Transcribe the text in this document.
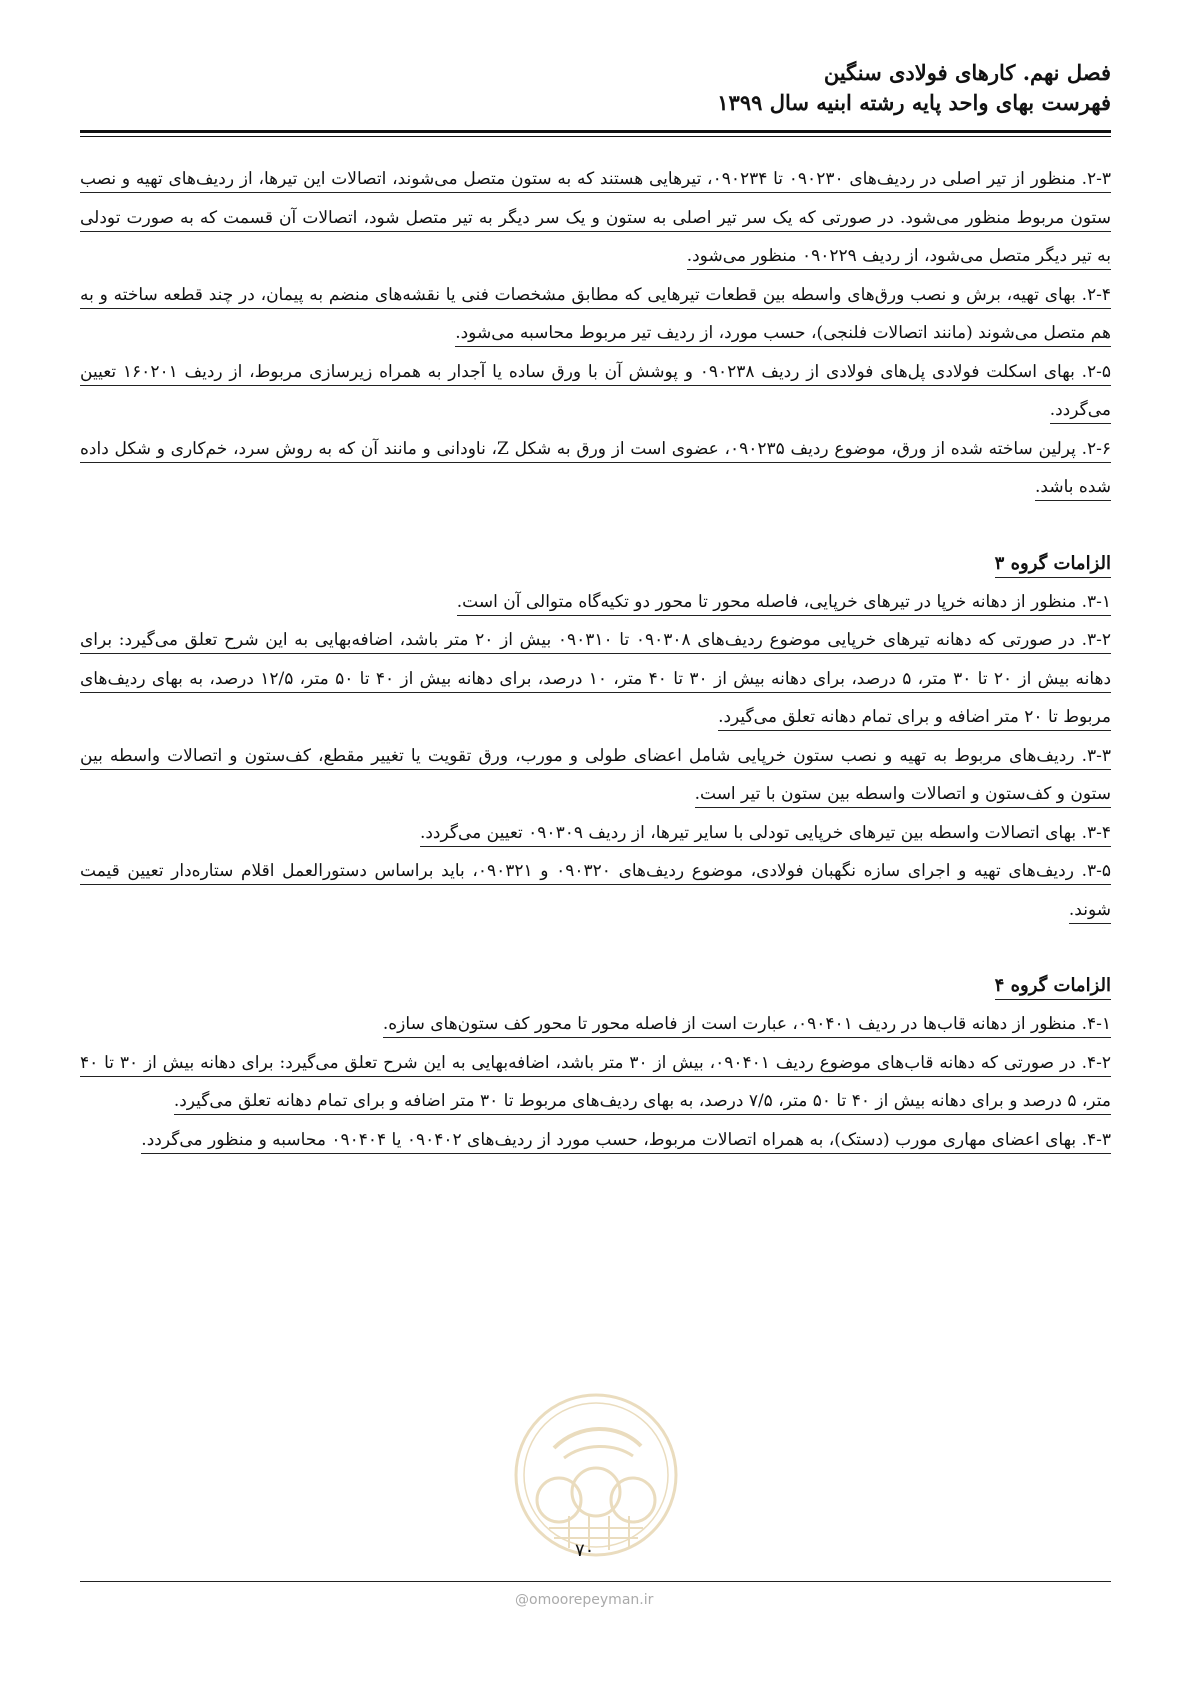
فصل نهم. کارهای فولادی سنگین
فهرست بهای واحد پایه رشته ابنیه سال ۱۳۹۹

۲-۳. منظور از تیر اصلی در ردیف‌های ۰۹۰۲۳۰ تا ۰۹۰۲۳۴، تیرهایی هستند که به ستون متصل می‌شوند، اتصالات این تیرها، از ردیف‌های تهیه و نصب ستون مربوط منظور می‌شود. در صورتی که یک سر تیر اصلی به ستون و یک سر دیگر به تیر متصل شود، اتصالات آن قسمت که به صورت تودلی به تیر دیگر متصل می‌شود، از ردیف ۰۹۰۲۲۹ منظور می‌شود.

۲-۴. بهای تهیه، برش و نصب ورق‌های واسطه بین قطعات تیرهایی که مطابق مشخصات فنی یا نقشه‌های منضم به پیمان، در چند قطعه ساخته و به هم متصل می‌شوند (مانند اتصالات فلنجی)، حسب مورد، از ردیف تیر مربوط محاسبه می‌شود.

۲-۵. بهای اسکلت فولادی پل‌های فولادی از ردیف ۰۹۰۲۳۸ و پوشش آن با ورق ساده یا آجدار به همراه زیرسازی مربوط، از ردیف ۱۶۰۲۰۱ تعیین می‌گردد.

۲-۶. پرلین ساخته شده از ورق، موضوع ردیف ۰۹۰۲۳۵، عضوی است از ورق به شکل Z، ناودانی و مانند آن که به روش سرد، خم‌کاری و شکل داده شده باشد.

الزامات گروه ۳

۳-۱. منظور از دهانه خرپا در تیرهای خرپایی، فاصله محور تا محور دو تکیه‌گاه متوالی آن است.

۳-۲. در صورتی که دهانه تیرهای خرپایی موضوع ردیف‌های ۰۹۰۳۰۸ تا ۰۹۰۳۱۰ بیش از ۲۰ متر باشد، اضافه‌بهایی به این شرح تعلق می‌گیرد: برای دهانه بیش از ۲۰ تا ۳۰ متر، ۵ درصد، برای دهانه بیش از ۳۰ تا ۴۰ متر، ۱۰ درصد، برای دهانه بیش از ۴۰ تا ۵۰ متر، ۱۲/۵ درصد، به بهای ردیف‌های مربوط تا ۲۰ متر اضافه و برای تمام دهانه تعلق می‌گیرد.

۳-۳. ردیف‌های مربوط به تهیه و نصب ستون خرپایی شامل اعضای طولی و مورب، ورق تقویت یا تغییر مقطع، کف‌ستون و اتصالات واسطه بین ستون و کف‌ستون و اتصالات واسطه بین ستون با تیر است.

۳-۴. بهای اتصالات واسطه بین تیرهای خرپایی تودلی با سایر تیرها، از ردیف ۰۹۰۳۰۹ تعیین می‌گردد.

۳-۵. ردیف‌های تهیه و اجرای سازه نگهبان فولادی، موضوع ردیف‌های ۰۹۰۳۲۰ و ۰۹۰۳۲۱، باید براساس دستورالعمل اقلام ستاره‌دار تعیین قیمت شوند.

الزامات گروه ۴

۴-۱. منظور از دهانه قاب‌ها در ردیف ۰۹۰۴۰۱، عبارت است از فاصله محور تا محور کف ستون‌های سازه.

۴-۲. در صورتی که دهانه قاب‌های موضوع ردیف ۰۹۰۴۰۱، بیش از ۳۰ متر باشد، اضافه‌بهایی به این شرح تعلق می‌گیرد: برای دهانه بیش از ۳۰ تا ۴۰ متر، ۵ درصد و برای دهانه بیش از ۴۰ تا ۵۰ متر، ۷/۵ درصد، به بهای ردیف‌های مربوط تا ۳۰ متر اضافه و برای تمام دهانه تعلق می‌گیرد.

۴-۳. بهای اعضای مهاری مورب (دستک)، به همراه اتصالات مربوط، حسب مورد از ردیف‌های ۰۹۰۴۰۲ یا ۰۹۰۴۰۴ محاسبه و منظور می‌گردد.

۷۰
@omoorepeyman.ir
